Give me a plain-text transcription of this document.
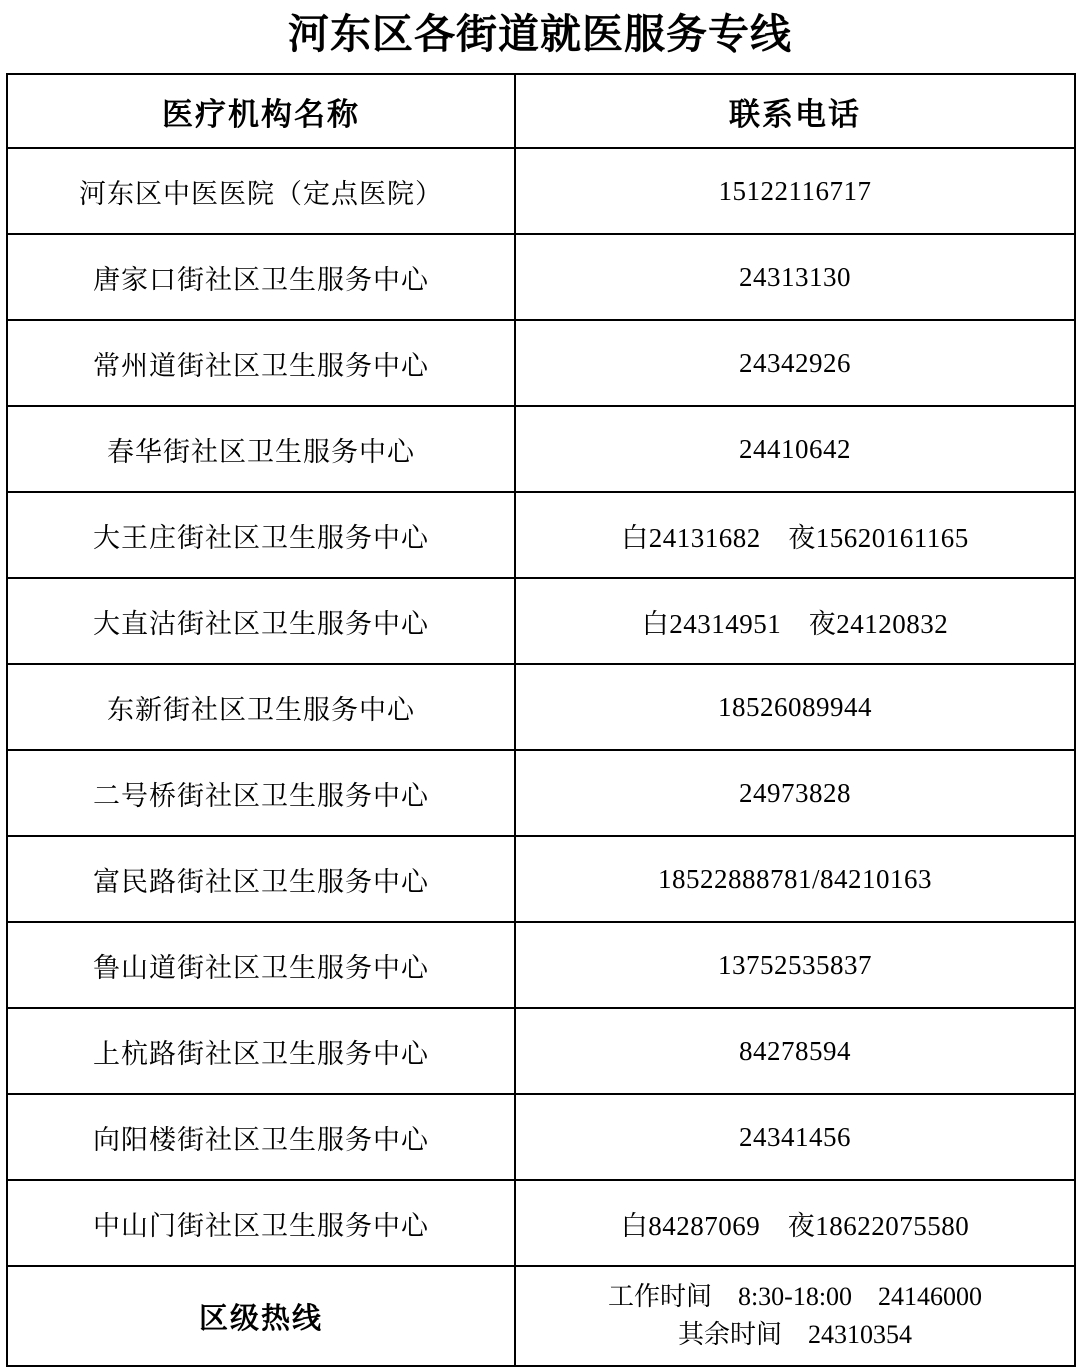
河东区各街道就医服务专线
医疗机构名称	联系电话
河东区中医医院（定点医院）	15122116717
唐家口街社区卫生服务中心	24313130
常州道街社区卫生服务中心	24342926
春华街社区卫生服务中心	24410642
大王庄街社区卫生服务中心	白24131682　夜15620161165
大直沽街社区卫生服务中心	白24314951　夜24120832
东新街社区卫生服务中心	18526089944
二号桥街社区卫生服务中心	24973828
富民路街社区卫生服务中心	18522888781/84210163
鲁山道街社区卫生服务中心	13752535837
上杭路街社区卫生服务中心	84278594
向阳楼街社区卫生服务中心	24341456
中山门街社区卫生服务中心	白84287069　夜18622075580
区级热线	工作时间　8:30-18:00　24146000
其余时间　24310354
